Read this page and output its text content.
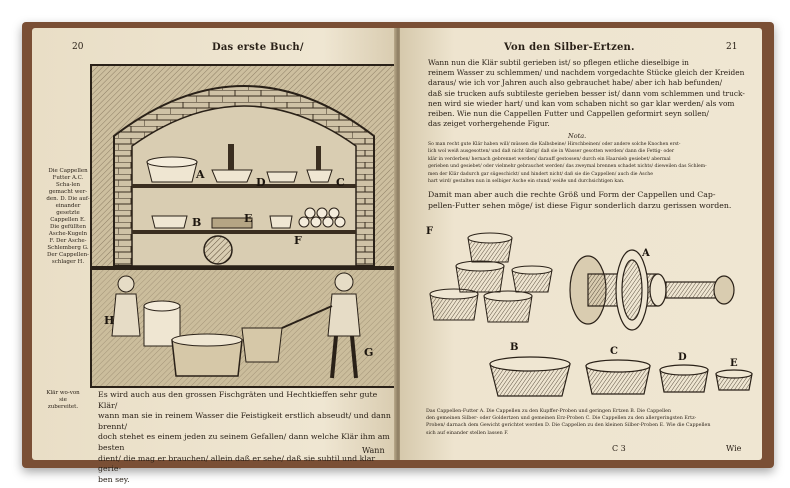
20	Das erste Buch/
Die Cappellen Futter A.C. Scha-len gemacht wer-den. D. Die auf-einander gesetzte Cappellen E. Die gefüllten Asche-Kugeln F. Der Asche-Schlemberg G. Der Cappellen-schlager H.
Klär wo-von sie zubereitet.
A
B
C
D
E
F
G
H
Es wird auch aus den grossen Fischgräten und Hechtkieffen sehr gute Klär/
wann man sie in reinem Wasser die Feistigkeit erstlich abseudt/ und dann brennt/
doch stehet es einem jeden zu seinem Gefallen/ dann welche Klär ihm am besten
dient/ die mag er brauchen/ allein daß er sehe/ daß sie subtil und klar gerie-
ben sey.
Wann
Von den Silber-Ertzen.	21
Wann nun die Klär subtil gerieben ist/ so pflegen etliche dieselbige in
reinem Wasser zu schlemmen/ und nachdem vorgedachte Stücke gleich der Kreiden
daraus/ wie ich vor Jahren auch also gebrauchet habe/ aber ich hab befunden/
daß sie trucken aufs subtileste gerieben besser ist/ dann vom schlemmen und truck-
nen wird sie wieder hart/ und kan vom schaben nicht so gar klar werden/ als vom
reiben. Wie nun die Cappellen Futter und Cappellen geformirt seyn sollen/
das zeiget vorhergehende Figur.
Nota.
So man recht gute Klär haben will/ müssen die Kalbsbeine/ Hirschbeinen/ oder andere solche Knochen erst-
lich wol weiß ausgesotten/ und daß nicht übrig/ daß sie in Wasser gesotten werden/ dann die Fettig- oder
klär in verderben/ hernach gebrennet werden/ darauff gestossen/ durch ein Haarsieb gesiebet/ abermal
gerieben und gesiebet/ oder vielmehr gebrauchet werden/ das zweymal brennen schadet nichts/ dieweilen das Schlem-
men der Klär dadurch gar sügeschickt/ und hindert nicht/ daß sie die Cappellen/ auch die Asche
hart wird/ gestalten nun in selbiger Asche ein stund/ weiße und durchsichtigen kan.
Damit man aber auch die rechte Größ und Form der Cappellen und Cap-
pellen-Futter sehen möge/ ist diese Figur sonderlich darzu gerissen worden.
F
A
B	C
D
E
Das Cappellen-Futter A. Die Cappellen zu den Kupffer-Proben und geringen Ertzen B. Die Cappellen
den gemeinen Silber- oder Goldertzen und gemeinen Erz-Proben C. Die Cappellen zu den allergeringsten Ertz-
Proben/ darnach dem Gewicht gerichtet werden D. Die Cappellen zu den kleinen Silber-Proben E. Wie die Cappellen
sich auf einander stellen lassen F.
C 3	Wie
